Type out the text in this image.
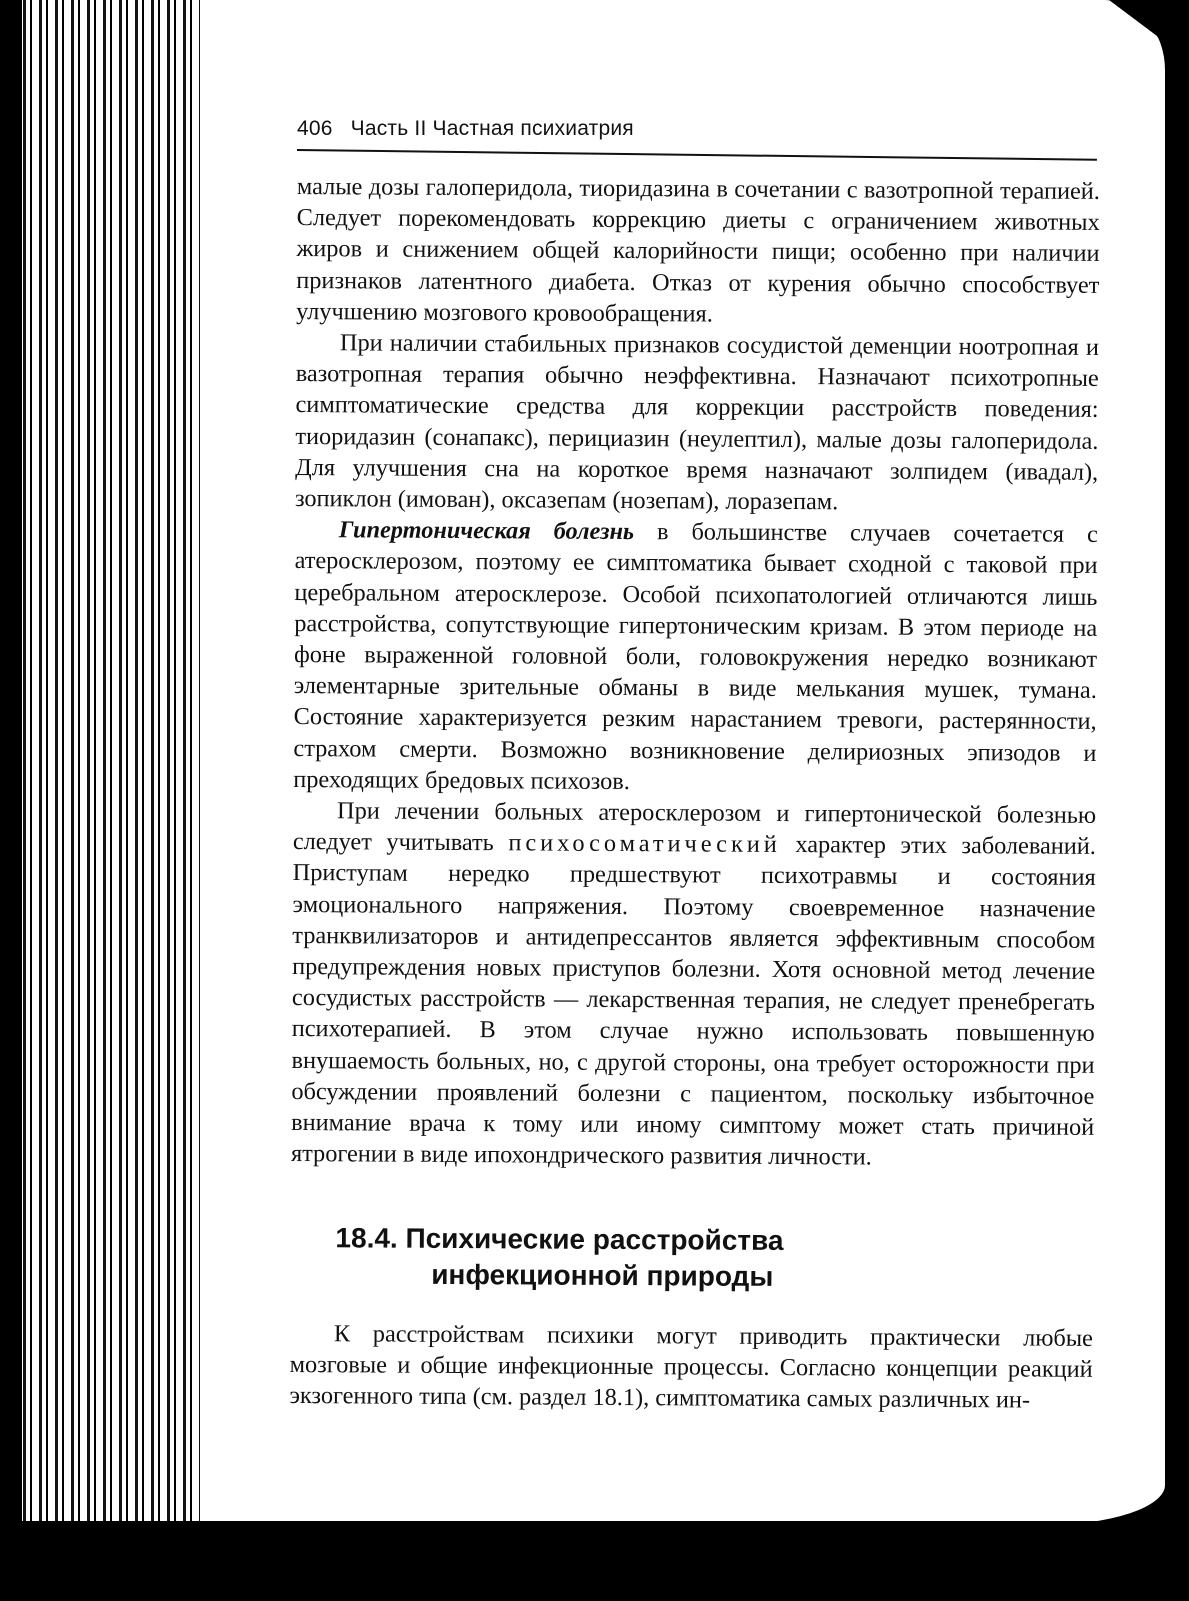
406 Часть II Частная психиатрия

малые дозы галоперидола, тиоридазина в сочетании с вазотропной терапией. Следует порекомендовать коррекцию диеты с ограничением животных жиров и снижением общей калорийности пищи; особенно при наличии признаков латентного диабета. Отказ от курения обычно способствует улучшению мозгового кровообращения.

При наличии стабильных признаков сосудистой деменции ноотропная и вазотропная терапия обычно неэффективна. Назначают психотропные симптоматические средства для коррекции расстройств поведения: тиоридазин (сонапакс), перициазин (неулептил), малые дозы галоперидола. Для улучшения сна на короткое время назначают золпидем (ивадал), зопиклон (имован), оксазепам (нозепам), лоразепам.

Гипертоническая болезнь в большинстве случаев сочетается с атеросклерозом, поэтому ее симптоматика бывает сходной с таковой при церебральном атеросклерозе. Особой психопатологией отличаются лишь расстройства, сопутствующие гипертоническим кризам. В этом периоде на фоне выраженной головной боли, головокружения нередко возникают элементарные зрительные обманы в виде мелькания мушек, тумана. Состояние характеризуется резким нарастанием тревоги, растерянности, страхом смерти. Возможно возникновение делириозных эпизодов и преходящих бредовых психозов.

При лечении больных атеросклерозом и гипертонической болезнью следует учитывать психосоматический характер этих заболеваний. Приступам нередко предшествуют психотравмы и состояния эмоционального напряжения. Поэтому своевременное назначение транквилизаторов и антидепрессантов является эффективным способом предупреждения новых приступов болезни. Хотя основной метод лечение сосудистых расстройств — лекарственная терапия, не следует пренебрегать психотерапией. В этом случае нужно использовать повышенную внушаемость больных, но, с другой стороны, она требует осторожности при обсуждении проявлений болезни с пациентом, поскольку избыточное внимание врача к тому или иному симптому может стать причиной ятрогении в виде ипохондрического развития личности.

18.4. Психические расстройства
инфекционной природы

К расстройствам психики могут приводить практически любые мозговые и общие инфекционные процессы. Согласно концепции реакций экзогенного типа (см. раздел 18.1), симптоматика самых различных ин-
